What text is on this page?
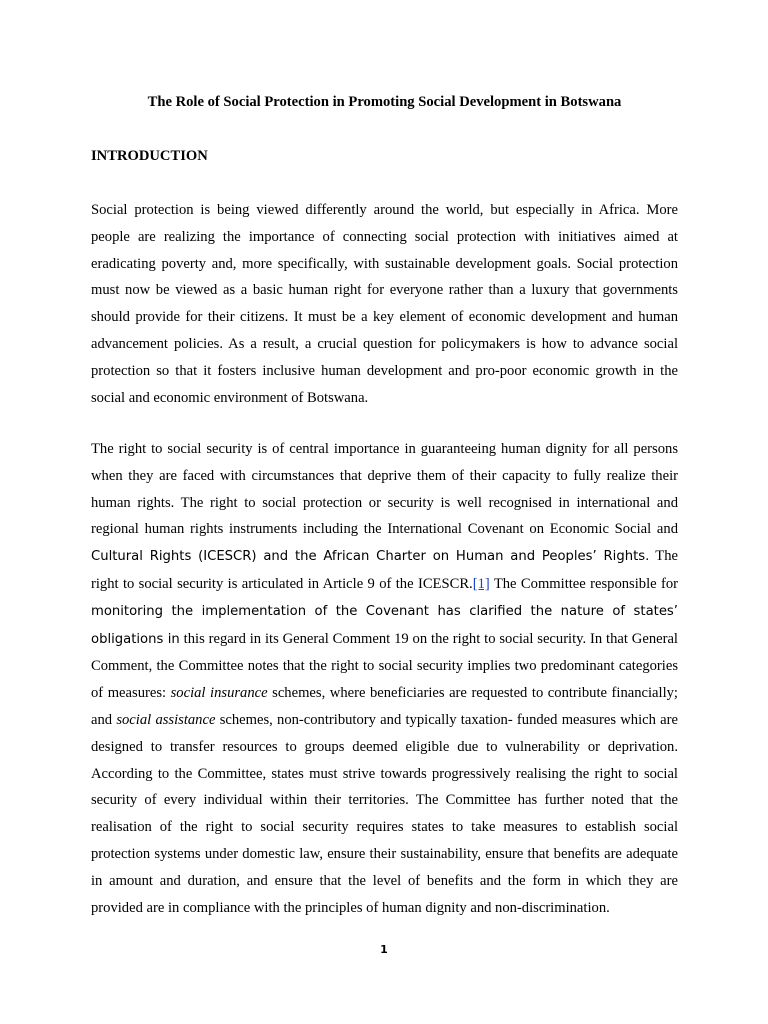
The Role of Social Protection in Promoting Social Development in Botswana
INTRODUCTION

Social protection is being viewed differently around the world, but especially in Africa. More people are realizing the importance of connecting social protection with initiatives aimed at eradicating poverty and, more specifically, with sustainable development goals. Social protection must now be viewed as a basic human right for everyone rather than a luxury that governments should provide for their citizens. It must be a key element of economic development and human advancement policies. As a result, a crucial question for policymakers is how to advance social protection so that it fosters inclusive human development and pro-poor economic growth in the social and economic environment of Botswana.

The right to social security is of central importance in guaranteeing human dignity for all persons when they are faced with circumstances that deprive them of their capacity to fully realize their human rights. The right to social protection or security is well recognised in international and regional human rights instruments including the International Covenant on Economic Social and Cultural Rights (ICESCR) and the African Charter on Human and Peoples’ Rights. The right to social security is articulated in Article 9 of the ICESCR.[1] The Committee responsible for monitoring the implementation of the Covenant has clarified the nature of states’ obligations in this regard in its General Comment 19 on the right to social security. In that General Comment, the Committee notes that the right to social security implies two predominant categories of measures: social insurance schemes, where beneficiaries are requested to contribute financially; and social assistance schemes, non-contributory and typically taxation- funded measures which are designed to transfer resources to groups deemed eligible due to vulnerability or deprivation. According to the Committee, states must strive towards progressively realising the right to social security of every individual within their territories. The Committee has further noted that the realisation of the right to social security requires states to take measures to establish social protection systems under domestic law, ensure their sustainability, ensure that benefits are adequate in amount and duration, and ensure that the level of benefits and the form in which they are provided are in compliance with the principles of human dignity and non-discrimination.

1
